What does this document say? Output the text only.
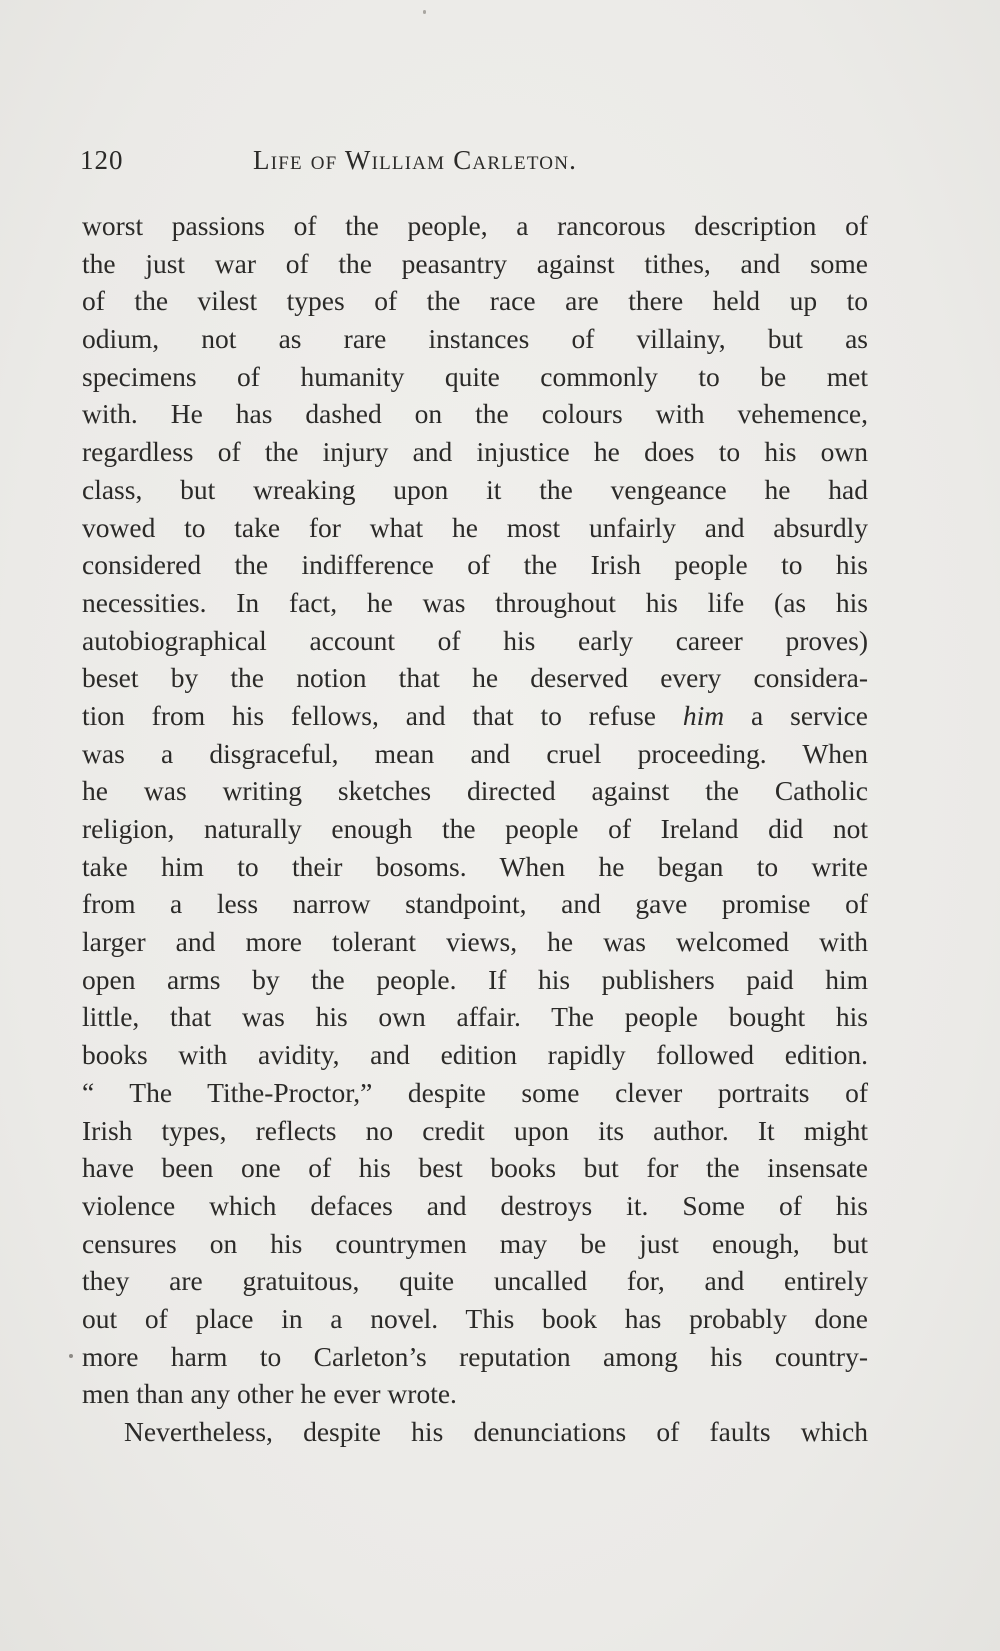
120	Life of William Carleton.
worst passions of the people, a rancorous description of
the just war of the peasantry against tithes, and some
of the vilest types of the race are there held up to
odium, not as rare instances of villainy, but as
specimens of humanity quite commonly to be met
with. He has dashed on the colours with vehemence,
regardless of the injury and injustice he does to his own
class, but wreaking upon it the vengeance he had
vowed to take for what he most unfairly and absurdly
considered the indifference of the Irish people to his
necessities. In fact, he was throughout his life (as his
autobiographical account of his early career proves)
beset by the notion that he deserved every considera-
tion from his fellows, and that to refuse him a service
was a disgraceful, mean and cruel proceeding. When
he was writing sketches directed against the Catholic
religion, naturally enough the people of Ireland did not
take him to their bosoms. When he began to write
from a less narrow standpoint, and gave promise of
larger and more tolerant views, he was welcomed with
open arms by the people. If his publishers paid him
little, that was his own affair. The people bought his
books with avidity, and edition rapidly followed edition.
“ The Tithe-Proctor,” despite some clever portraits of
Irish types, reflects no credit upon its author. It might
have been one of his best books but for the insensate
violence which defaces and destroys it. Some of his
censures on his countrymen may be just enough, but
they are gratuitous, quite uncalled for, and entirely
out of place in a novel. This book has probably done
more harm to Carleton’s reputation among his country-
men than any other he ever wrote.
Nevertheless, despite his denunciations of faults which
